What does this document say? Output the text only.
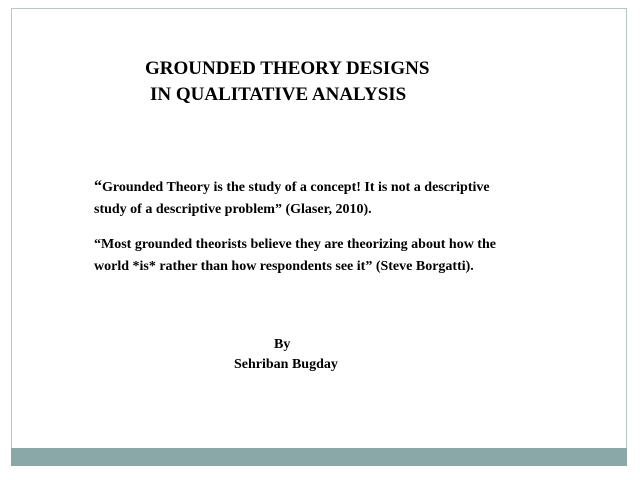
GROUNDED THEORY DESIGNS
IN QUALITATIVE ANALYSIS
“Grounded Theory is the study of a concept! It is not a descriptive study of a descriptive problem” (Glaser, 2010).
“Most grounded theorists believe they are theorizing about how the world *is* rather than how respondents see it” (Steve Borgatti).
By
Sehriban Bugday
